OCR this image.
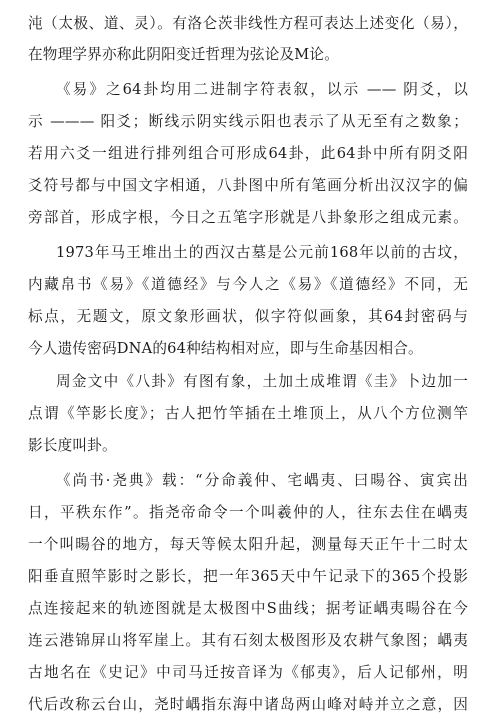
沌（太极、道、灵）。有洛仑茨非线性方程可表达上述变化（易），
在物理学界亦称此阴阳变迁哲理为弦论及M论。
《易》之64卦均用二进制字符表叙，以示 —— 阴爻，以
示 ——— 阳爻；断线示阴实线示阳也表示了从无至有之数象；
若用六爻一组进行排列组合可形成64卦，此64卦中所有阴爻阳
爻符号都与中国文字相通，八卦图中所有笔画分析出汉汉字的偏
旁部首，形成字根，今日之五笔字形就是八卦象形之组成元素。
1973年马王堆出土的西汉古墓是公元前168年以前的古坟，
内藏帛书《易》《道德经》与今人之《易》《道德经》不同，无
标点，无题文，原文象形画状，似字符似画象，其64封密码与
今人遗传密码DNA的64种结构相对应，即与生命基因相合。
周金文中《八卦》有图有象，土加土成堆谓《圭》卜边加一
点谓《竿影长度》；古人把竹竿插在土堆顶上，从八个方位测竿
影长度叫卦。
《尚书·尧典》载：“分命義仲、宅嵎夷、曰暘谷、寅宾出
日，平秩东作”。指尧帝命令一个叫羲仲的人，往东去住在嵎夷
一个叫暘谷的地方，每天等候太阳升起，测量每天正午十二时太
阳垂直照竿影时之影长，把一年365天中午记录下的365个投影
点连接起来的轨迹图就是太极图中S曲线；据考证嵎夷暘谷在今
连云港锦屏山将军崖上。其有石刻太极图形及农耕气象图；嵎夷
古地名在《史记》中司马迁按音译为《郁夷》，后人记郁州，明
代后改称云台山，尧时嵎指东海中诸岛两山峰对峙并立之意，因
